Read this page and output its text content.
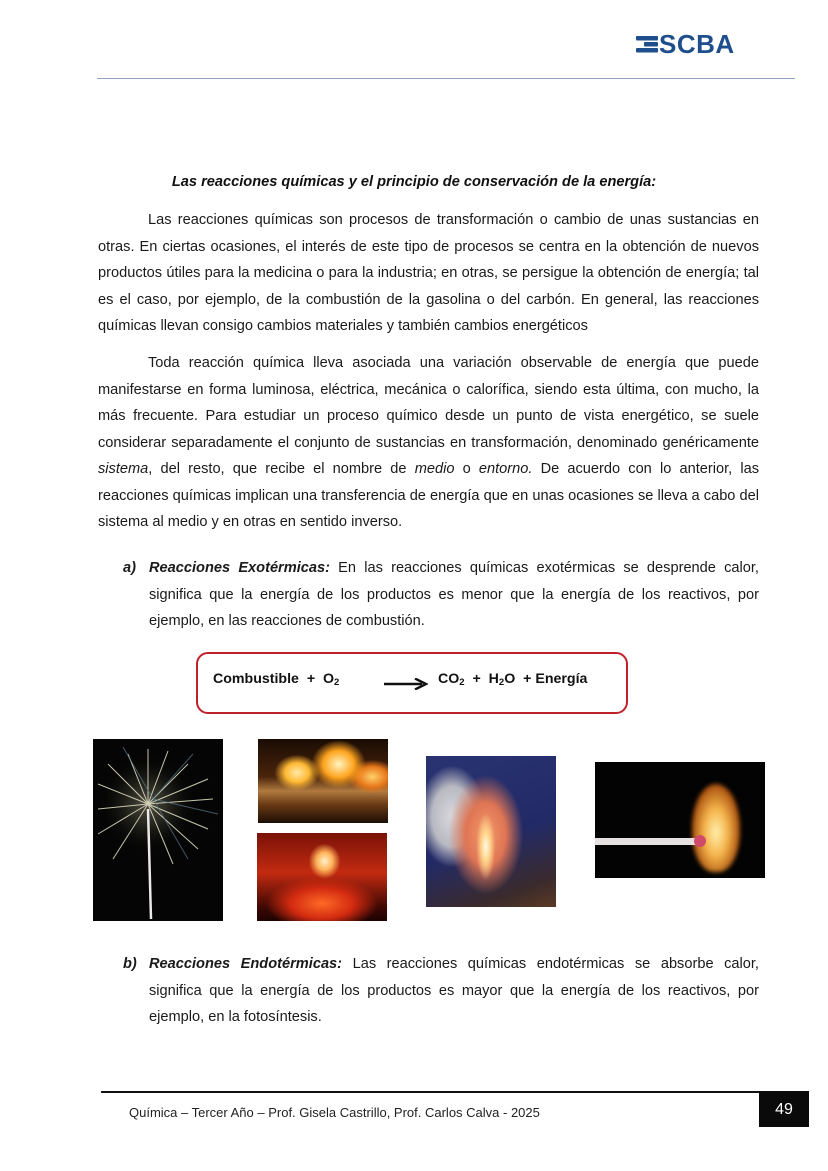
SCBA
Las reacciones químicas y el principio de conservación de la energía:
Las reacciones químicas son procesos de transformación o cambio de unas sustancias en otras. En ciertas ocasiones, el interés de este tipo de procesos se centra en la obtención de nuevos productos útiles para la medicina o para la industria; en otras, se persigue la obtención de energía; tal es el caso, por ejemplo, de la combustión de la gasolina o del carbón. En general, las reacciones químicas llevan consigo cambios materiales y también cambios energéticos
Toda reacción química lleva asociada una variación observable de energía que puede manifestarse en forma luminosa, eléctrica, mecánica o calorífica, siendo esta última, con mucho, la más frecuente. Para estudiar un proceso químico desde un punto de vista energético, se suele considerar separadamente el conjunto de sustancias en transformación, denominado genéricamente sistema, del resto, que recibe el nombre de medio o entorno. De acuerdo con lo anterior, las reacciones químicas implican una transferencia de energía que en unas ocasiones se lleva a cabo del sistema al medio y en otras en sentido inverso.
a) Reacciones Exotérmicas: En las reacciones químicas exotérmicas se desprende calor, significa que la energía de los productos es menor que la energía de los reactivos, por ejemplo, en las reacciones de combustión.
Combustible + $O_2$	→ $CO_2 + H_2O$ + Energía
b) Reacciones Endotérmicas: Las reacciones químicas endotérmicas se absorbe calor, significa que la energía de los productos es mayor que la energía de los reactivos, por ejemplo, en la fotosíntesis.
Química – Tercer Año – Prof. Gisela Castrillo, Prof. Carlos Calva - 2025	49
